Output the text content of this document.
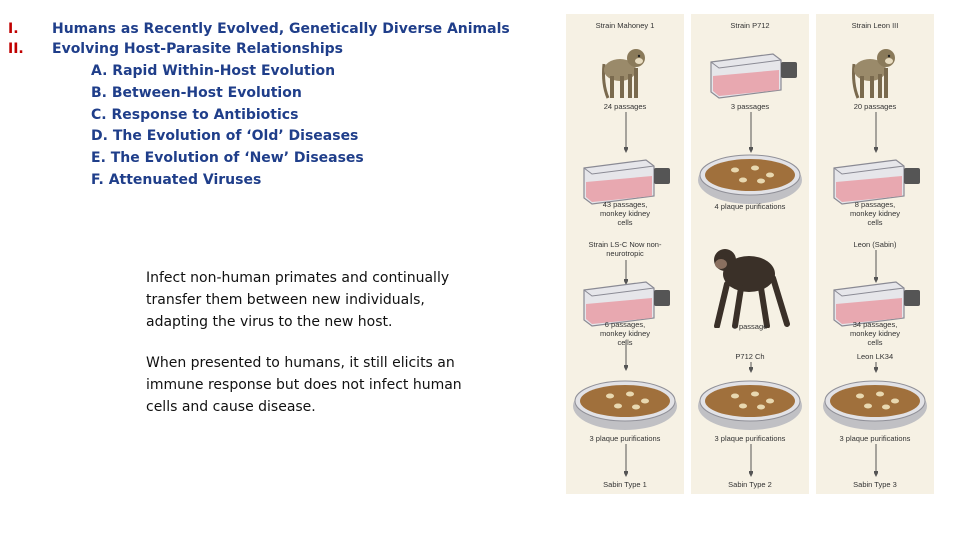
I. Humans as Recently Evolved, Genetically Diverse Animals
II. Evolving Host-Parasite Relationships
A. Rapid Within-Host Evolution
B. Between-Host Evolution
C. Response to Antibiotics
D. The Evolution of ‘Old’ Diseases
E. The Evolution of ‘New’ Diseases
F. Attenuated Viruses
Infect non-human primates and continually transfer them between new individuals, adapting the virus to the new host.
When presented to humans, it still elicits an immune response but does not infect human cells and cause disease.
Strain Mahoney 1
24 passages
43 passages, monkey kidney cells
Strain LS-C Now non-neurotropic
6 passages, monkey kidney cells
3 plaque purifications
Sabin Type 1
Strain P712
3 passages
4 plaque purifications
1 passage
P712 Ch
3 plaque purifications
Sabin Type 2
Strain Leon III
20 passages
8 passages, monkey kidney cells
Leon (Sabin)
34 passages, monkey kidney cells
Leon LK34
3 plaque purifications
Sabin Type 3
